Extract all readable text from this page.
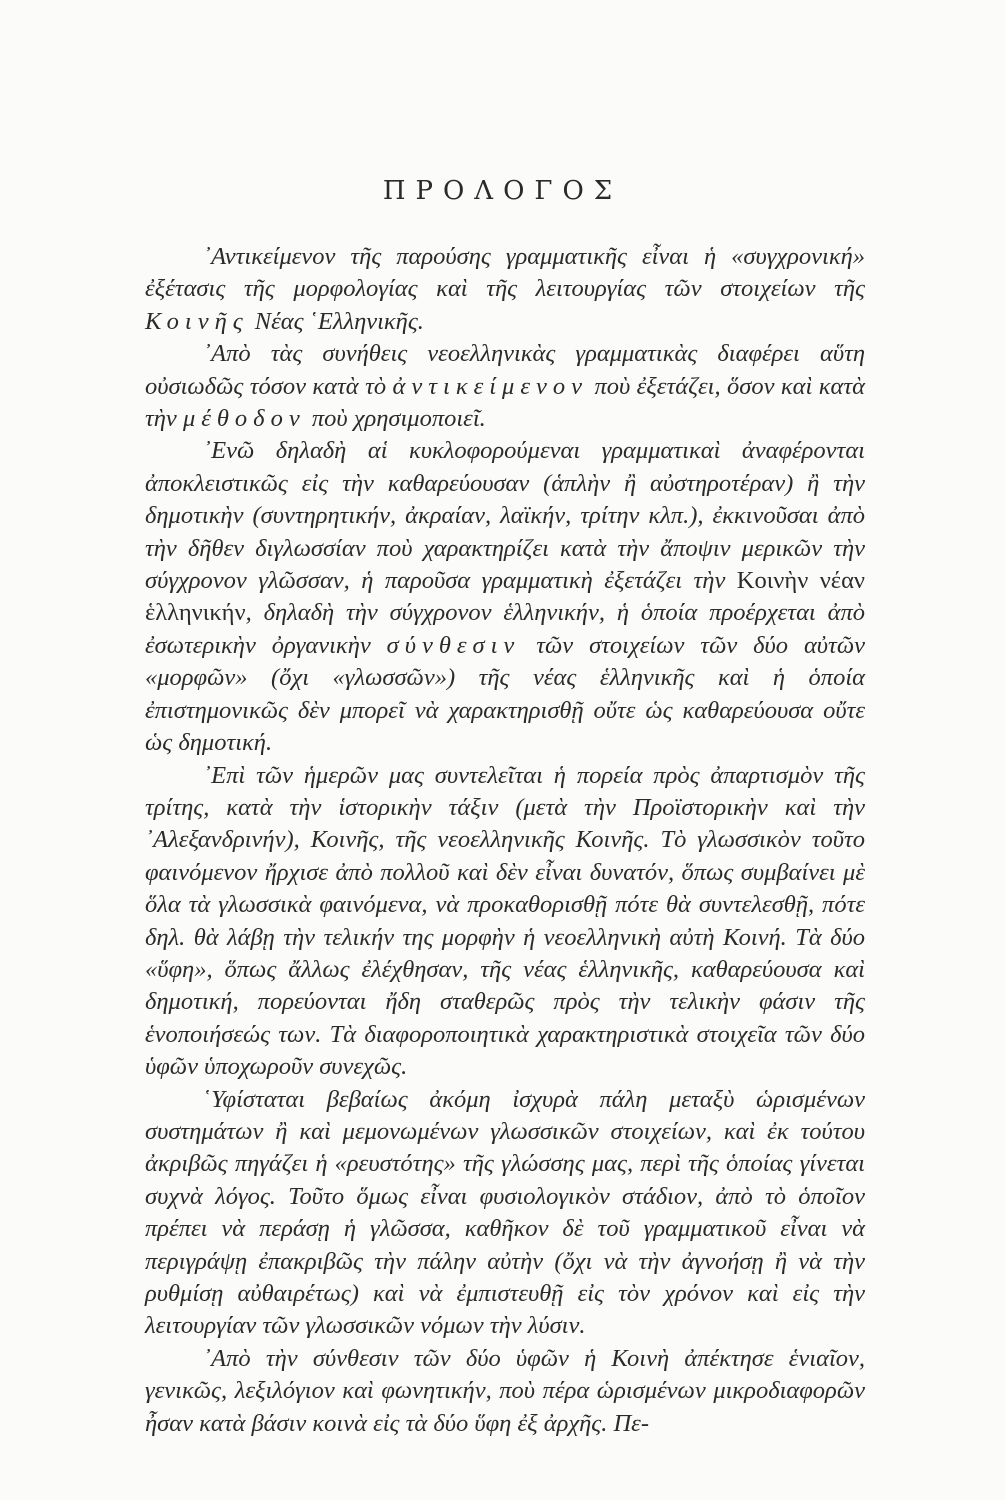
ΠΡΟΛΟΓΟΣ

᾿Αντικείμενον τῆς παρούσης γραμματικῆς εἶναι ἡ «συγχρονική» ἐξέτασις τῆς μορφολογίας καὶ τῆς λειτουργίας τῶν στοιχείων τῆς Κοινῆς Νέας ῾Ελληνικῆς.

᾿Απὸ τὰς συνήθεις νεοελληνικὰς γραμματικὰς διαφέρει αὕτη οὐσιωδῶς τόσον κατὰ τὸ ἀντικείμενον ποὺ ἐξετάζει, ὅσον καὶ κατὰ τὴν μέθοδον ποὺ χρησιμοποιεῖ.

᾿Ενῶ δηλαδὴ αἱ κυκλοφορούμεναι γραμματικαὶ ἀναφέρονται ἀποκλειστικῶς εἰς τὴν καθαρεύουσαν (ἁπλὴν ἢ αὐστηροτέραν) ἢ τὴν δημοτικὴν (συντηρητικήν, ἀκραίαν, λαϊκήν, τρίτην κλπ.), ἐκκινοῦσαι ἀπὸ τὴν δῆθεν διγλωσσίαν ποὺ χαρακτηρίζει κατὰ τὴν ἄποψιν μερικῶν τὴν σύγχρονον γλῶσσαν, ἡ παροῦσα γραμματικὴ ἐξετάζει τὴν Κοινὴν νέαν ἑλληνικήν, δηλαδὴ τὴν σύγχρονον ἑλληνικήν, ἡ ὁποία προέρχεται ἀπὸ ἐσωτερικὴν ὀργανικὴν σύνθεσιν τῶν στοιχείων τῶν δύο αὐτῶν «μορφῶν» (ὄχι «γλωσσῶν») τῆς νέας ἑλληνικῆς καὶ ἡ ὁποία ἐπιστημονικῶς δὲν μπορεῖ νὰ χαρακτηρισθῇ οὔτε ὡς καθαρεύουσα οὔτε ὡς δημοτική.

᾿Επὶ τῶν ἡμερῶν μας συντελεῖται ἡ πορεία πρὸς ἀπαρτισμὸν τῆς τρίτης, κατὰ τὴν ἱστορικὴν τάξιν (μετὰ τὴν Προϊστορικὴν καὶ τὴν ᾿Αλεξανδρινήν), Κοινῆς, τῆς νεοελληνικῆς Κοινῆς. Τὸ γλωσσικὸν τοῦτο φαινόμενον ἤρχισε ἀπὸ πολλοῦ καὶ δὲν εἶναι δυνατόν, ὅπως συμβαίνει μὲ ὅλα τὰ γλωσσικὰ φαινόμενα, νὰ προκαθορισθῇ πότε θὰ συντελεσθῇ, πότε δηλ. θὰ λάβῃ τὴν τελικήν της μορφὴν ἡ νεοελληνικὴ αὐτὴ Κοινή. Τὰ δύο «ὕφη», ὅπως ἄλλως ἐλέχθησαν, τῆς νέας ἑλληνικῆς, καθαρεύουσα καὶ δημοτική, πορεύονται ἤδη σταθερῶς πρὸς τὴν τελικὴν φάσιν τῆς ἑνοποιήσεώς των. Τὰ διαφοροποιητικὰ χαρακτηριστικὰ στοιχεῖα τῶν δύο ὑφῶν ὑποχωροῦν συνεχῶς.

῾Υφίσταται βεβαίως ἀκόμη ἰσχυρὰ πάλη μεταξὺ ὡρισμένων συστημάτων ἢ καὶ μεμονωμένων γλωσσικῶν στοιχείων, καὶ ἐκ τούτου ἀκριβῶς πηγάζει ἡ «ρευστότης» τῆς γλώσσης μας, περὶ τῆς ὁποίας γίνεται συχνὰ λόγος. Τοῦτο ὅμως εἶναι φυσιολογικὸν στάδιον, ἀπὸ τὸ ὁποῖον πρέπει νὰ περάσῃ ἡ γλῶσσα, καθῆκον δὲ τοῦ γραμματικοῦ εἶναι νὰ περιγράψῃ ἐπακριβῶς τὴν πάλην αὐτὴν (ὄχι νὰ τὴν ἀγνοήσῃ ἢ νὰ τὴν ρυθμίσῃ αὐθαιρέτως) καὶ νὰ ἐμπιστευθῇ εἰς τὸν χρόνον καὶ εἰς τὴν λειτουργίαν τῶν γλωσσικῶν νόμων τὴν λύσιν.

᾿Απὸ τὴν σύνθεσιν τῶν δύο ὑφῶν ἡ Κοινὴ ἀπέκτησε ἑνιαῖον, γενικῶς, λεξιλόγιον καὶ φωνητικήν, ποὺ πέρα ὡρισμένων μικροδιαφορῶν ἦσαν κατὰ βάσιν κοινὰ εἰς τὰ δύο ὕφη ἐξ ἀρχῆς. Πε-
